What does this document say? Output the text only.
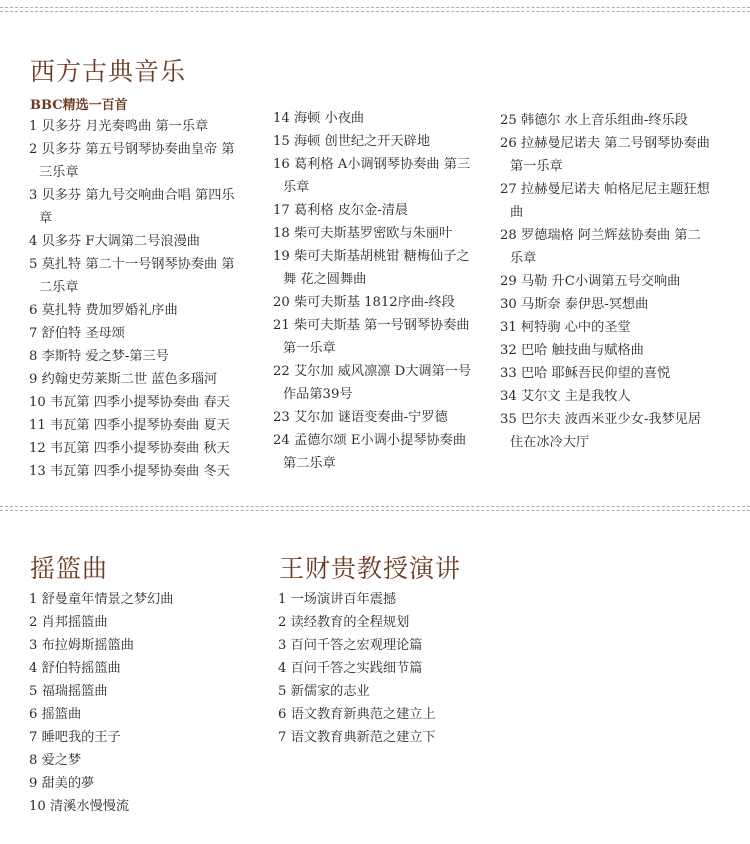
西方古典音乐
BBC精选一百首
1 贝多芬 月光奏鸣曲 第一乐章
2 贝多芬 第五号钢琴协奏曲皇帝 第三乐章
3 贝多芬 第九号交响曲合唱 第四乐章
4 贝多芬 F大调第二号浪漫曲
5 莫扎特 第二十一号钢琴协奏曲 第二乐章
6 莫扎特 费加罗婚礼序曲
7 舒伯特 圣母颂
8 李斯特 爱之梦-第三号
9 约翰史劳莱斯二世 蓝色多瑙河
10 韦瓦第 四季小提琴协奏曲 春天
11 韦瓦第 四季小提琴协奏曲 夏天
12 韦瓦第 四季小提琴协奏曲 秋天
13 韦瓦第 四季小提琴协奏曲 冬天
14 海顿 小夜曲
15 海顿 创世纪之开天辟地
16 葛利格 A小调钢琴协奏曲 第三乐章
17 葛利格 皮尔金-清晨
18 柴可夫斯基罗密欧与朱丽叶
19 柴可夫斯基胡桃钳 糖梅仙子之舞 花之圆舞曲
20 柴可夫斯基 1812序曲-终段
21 柴可夫斯基 第一号钢琴协奏曲 第一乐章
22 艾尔加 威风凛凛 D大调第一号作品第39号
23 艾尔加 谜语变奏曲-宁罗德
24 孟德尔颂 E小调小提琴协奏曲 第二乐章
25 韩德尔 水上音乐组曲-终乐段
26 拉赫曼尼诺夫 第二号钢琴协奏曲 第一乐章
27 拉赫曼尼诺夫 帕格尼尼主题狂想曲
28 罗德瑞格 阿兰辉兹协奏曲 第二乐章
29 马勒 升C小调第五号交响曲
30 马斯奈 泰伊思-冥想曲
31 柯特驹 心中的圣堂
32 巴哈 触技曲与赋格曲
33 巴哈 耶稣吾民仰望的喜悦
34 艾尔文 主是我牧人
35 巴尔夫 波西米亚少女-我梦见居住在冰冷大厅
摇篮曲
1 舒曼童年情景之梦幻曲
2 肖邦摇篮曲
3 布拉姆斯摇篮曲
4 舒伯特摇篮曲
5 福瑞摇篮曲
6 摇篮曲
7 睡吧我的王子
8 爱之梦
9 甜美的夢
10 清溪水慢慢流
王财贵教授演讲
1 一场演讲百年震撼
2 读经教育的全程规划
3 百问千答之宏观理论篇
4 百问千答之实践细节篇
5 新儒家的志业
6 语文教育新典范之建立上
7 语文教育典新范之建立下
